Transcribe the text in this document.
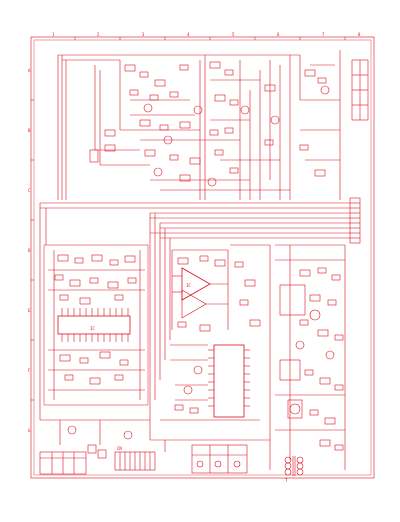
1	2	3	4	5	6	7	8
A
B
C
D
E
F
G
IC
IC
CN
T
